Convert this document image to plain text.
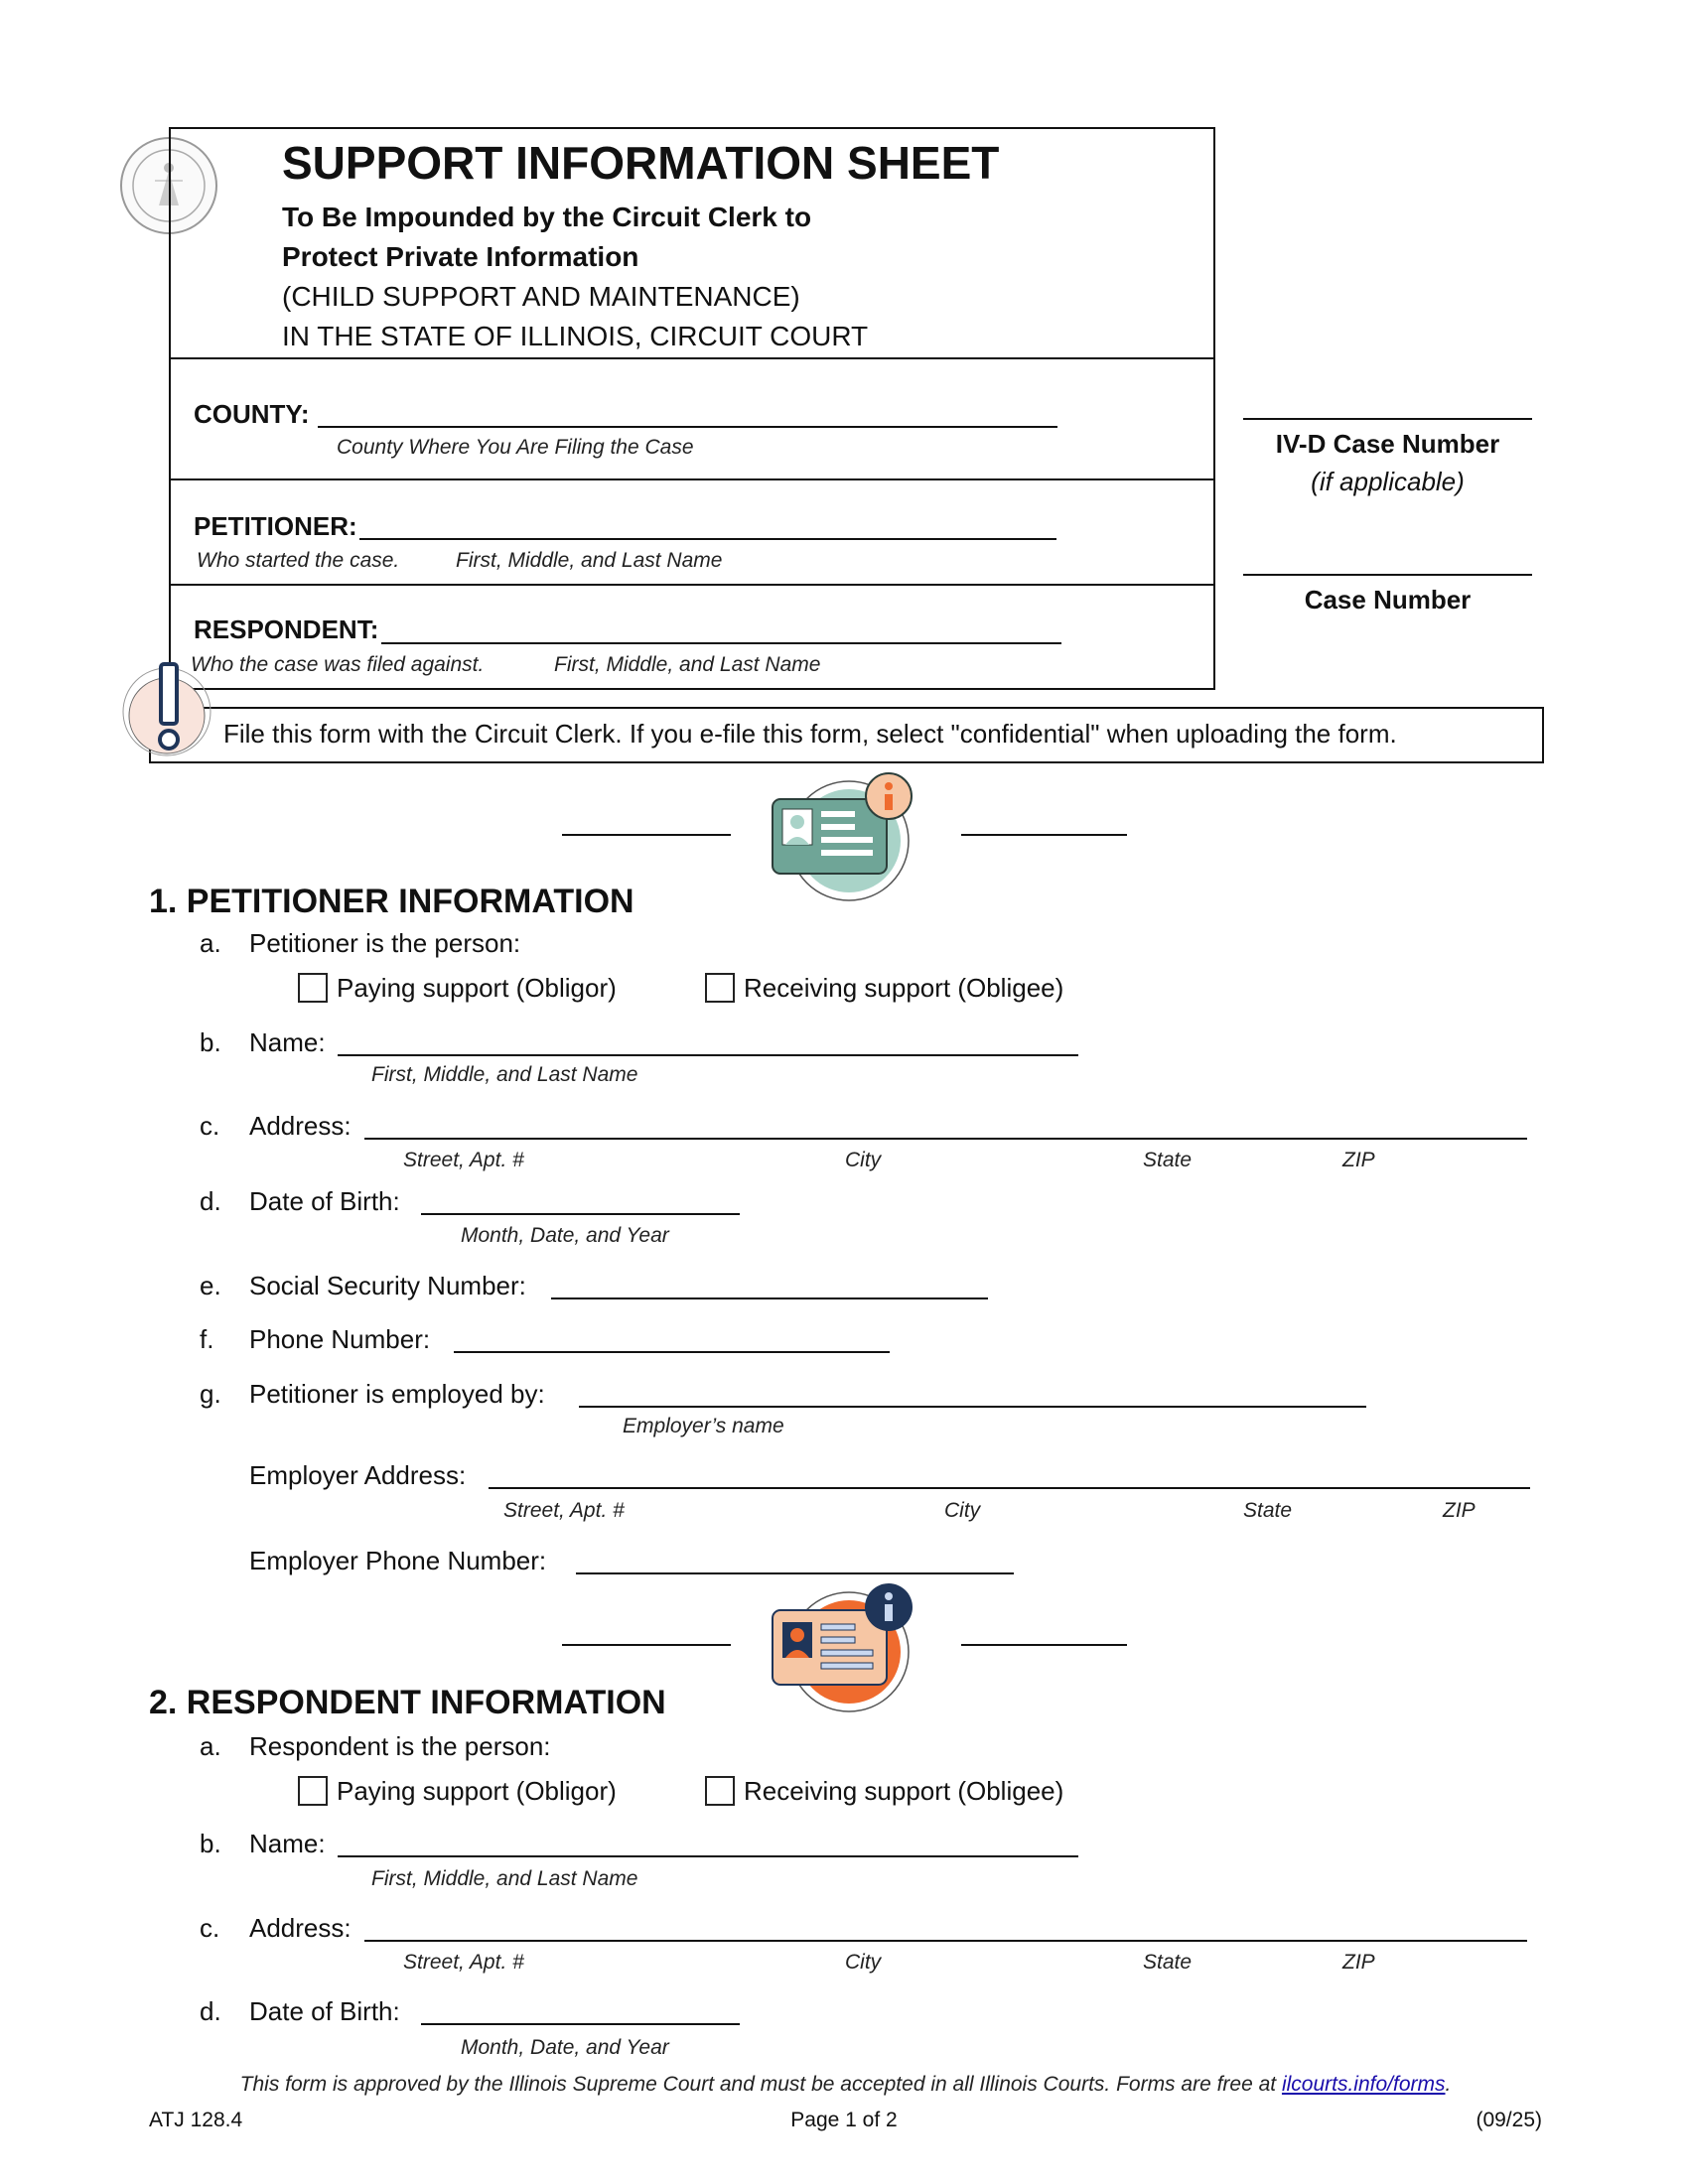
SUPPORT INFORMATION SHEET
To Be Impounded by the Circuit Clerk to
Protect Private Information
(CHILD SUPPORT AND MAINTENANCE)
IN THE STATE OF ILLINOIS, CIRCUIT COURT
COUNTY:
County Where You Are Filing the Case
PETITIONER:
Who started the case.	First, Middle, and Last Name
RESPONDENT:
Who the case was filed against.	First, Middle, and Last Name
IV-D Case Number
(if applicable)
Case Number
File this form with the Circuit Clerk. If you e-file this form, select "confidential" when uploading the form.
1. PETITIONER INFORMATION
a. Petitioner is the person:
Paying support (Obligor)	Receiving support (Obligee)
b. Name:
First, Middle, and Last Name
c. Address:
Street, Apt. #	City	State	ZIP
d. Date of Birth:
Month, Date, and Year
e. Social Security Number:
f. Phone Number:
g. Petitioner is employed by:
Employer’s name
Employer Address:
Street, Apt. #	City	State	ZIP
Employer Phone Number:
2. RESPONDENT INFORMATION
a. Respondent is the person:
Paying support (Obligor)	Receiving support (Obligee)
b. Name:
First, Middle, and Last Name
c. Address:
Street, Apt. #	City	State	ZIP
d. Date of Birth:
Month, Date, and Year
This form is approved by the Illinois Supreme Court and must be accepted in all Illinois Courts. Forms are free at ilcourts.info/forms.
ATJ 128.4	Page 1 of 2	(09/25)
